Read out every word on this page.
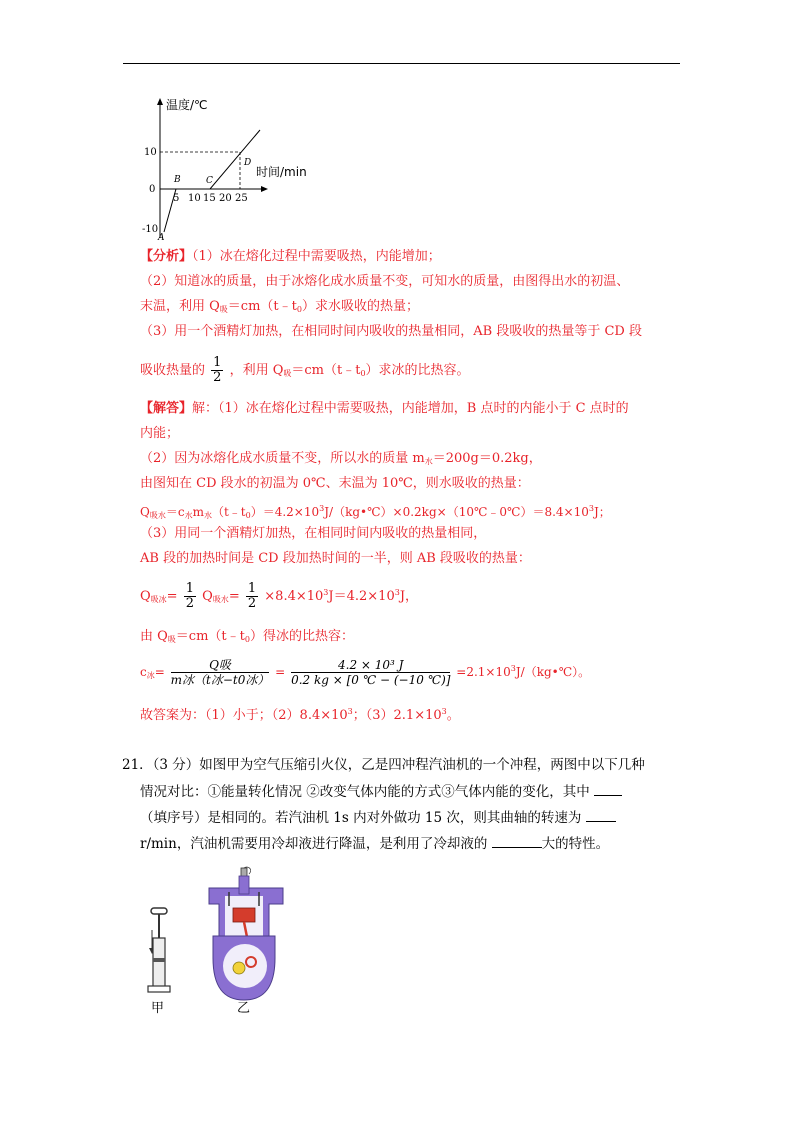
温度/℃
时间/min
10
0
-10
5 10 15 20 25
A
B	C
D
【分析】（1）冰在熔化过程中需要吸热，内能增加；
（2）知道冰的质量，由于冰熔化成水质量不变，可知水的质量，由图得出水的初温、
末温，利用 $Q_吸=cm(t﹣t_0)$求水吸收的热量；
（3）用一个酒精灯加热，在相同时间内吸收的热量相同，AB 段吸收的热量等于 CD 段
吸收热量的 $\frac{1}{2}$ ，利用 $Q_吸=cm(t﹣t_0)$求冰的比热容。
【解答】解：（1）冰在熔化过程中需要吸热，内能增加，B 点时的内能小于 C 点时的
内能；
（2）因为冰熔化成水质量不变，所以水的质量 $m_水=200g=0.2kg$，
由图知在 CD 段水的初温为 0℃、末温为 10℃，则水吸收的热量：
$Q_{吸水}=c_水m_水(t﹣t_0)=4.2\times 10^3J/(kg•℃)\times 0.2kg\times(10℃﹣0℃)=8.4\times 10^3J$；
（3）用同一个酒精灯加热，在相同时间内吸收的热量相同，
AB 段的加热时间是 CD 段加热时间的一半，则 AB 段吸收的热量：
$Q_{吸冰}= \frac{1}{2} Q_{吸水}= \frac{1}{2} \times 8.4\times 10^3J=4.2\times 10^3J$，
由 $Q_吸=cm(t﹣t_0)$得冰的比热容：
$c_冰= \frac{\text{Q吸}}{\text{m冰（t冰−t0冰）}} = \frac{\text{4.2 × 10³ J}}{0.2 kg \times [0 ℃ - (-10 ℃)]}$ $=2.1\times 10^3J/(kg•℃)$。
故答案为：（1）小于；$(2)8.4\times 10^3$；$(3)2.1\times 10^3$。
21．（3 分）如图甲为空气压缩引火仪，乙是四冲程汽油机的一个冲程，两图中以下几种
情况对比：①能量转化情况 ②改变气体内能的方式③气体内能的变化，其中
（填序号）是相同的。若汽油机 1s 内对外做功 15 次，则其曲轴的转速为
r/min，汽油机需要用冷却液进行降温，是利用了冷却液的	大的特性。
甲	乙
